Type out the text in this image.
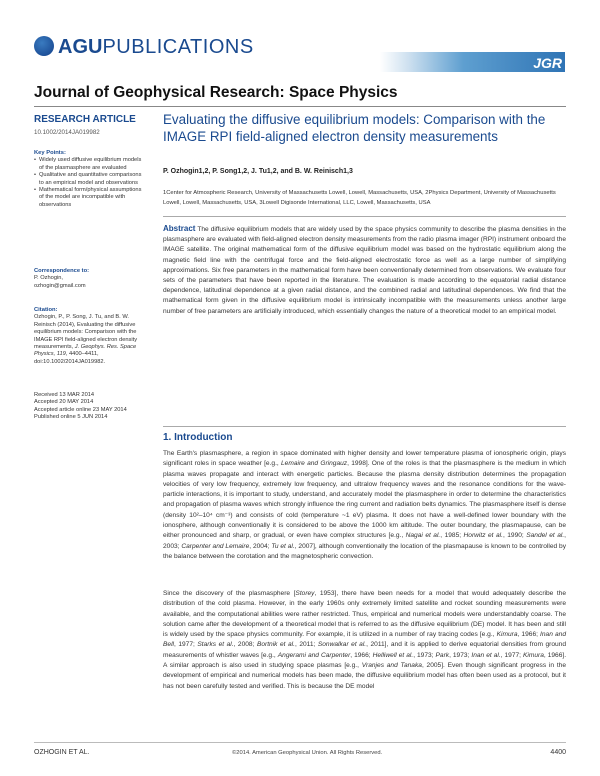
AGUPUBLICATIONS
JGR
Journal of Geophysical Research: Space Physics
RESEARCH ARTICLE
10.1002/2014JA019982
Key Points:
• Widely used diffusive equilibrium models of the plasmasphere are evaluated
• Qualitative and quantitative comparisons to an empirical model and observations
• Mathematical form/physical assumptions of the model are incompatible with observations
Correspondence to:
P. Ozhogin,
ozhogin@gmail.com
Citation:
Ozhogin, P., P. Song, J. Tu, and B. W. Reinisch (2014), Evaluating the diffusive equilibrium models: Comparison with the IMAGE RPI field-aligned electron density measurements, J. Geophys. Res. Space Physics, 119, 4400–4411, doi:10.1002/2014JA019982.
Received 13 MAR 2014
Accepted 20 MAY 2014
Accepted article online 23 MAY 2014
Published online 5 JUN 2014
Evaluating the diffusive equilibrium models: Comparison with the IMAGE RPI field-aligned electron density measurements
P. Ozhogin1,2, P. Song1,2, J. Tu1,2, and B. W. Reinisch1,3
1Center for Atmospheric Research, University of Massachusetts Lowell, Lowell, Massachusetts, USA, 2Physics Department, University of Massachusetts Lowell, Lowell, Massachusetts, USA, 3Lowell Digisonde International, LLC, Lowell, Massachusetts, USA
Abstract The diffusive equilibrium models that are widely used by the space physics community to describe the plasma densities in the plasmasphere are evaluated with field-aligned electron density measurements from the radio plasma imager (RPI) instrument onboard the IMAGE satellite. The original mathematical form of the diffusive equilibrium model was based on the hydrostatic equilibrium along the magnetic field line with the centrifugal force and the field-aligned electrostatic force as well as a large number of simplifying approximations. Six free parameters in the mathematical form have been conventionally determined from observations. We evaluate four sets of the parameters that have been reported in the literature. The evaluation is made according to the equatorial radial distance dependence, latitudinal dependence at a given radial distance, and the combined radial and latitudinal dependences. We find that the mathematical form given in the diffusive equilibrium model is intrinsically incompatible with the measurements unless another large number of free parameters are artificially introduced, which essentially changes the nature of a theoretical model to an empirical model.
1. Introduction
The Earth's plasmasphere, a region in space dominated with higher density and lower temperature plasma of ionospheric origin, plays significant roles in space weather [e.g., Lemaire and Gringauz, 1998]. One of the roles is that the plasmasphere is the medium in which plasma waves propagate and interact with energetic particles. Because the plasma density distribution determines the propagation velocities of very low frequency, extremely low frequency, and ultralow frequency waves and the resonance conditions for the wave-particle interactions, it is important to study, understand, and accurately model the plasmasphere in order to determine the characteristics and propagation of plasma waves which strongly influence the ring current and radiation belts dynamics. The plasmasphere itself is dense (density 10²–10⁴ cm⁻³) and consists of cold (temperature ~1 eV) plasma. It does not have a well-defined lower boundary with the ionosphere, although conventionally it is considered to be above the 1000 km altitude. The outer boundary, the plasmapause, can be either pronounced and sharp, or gradual, or even have complex structures [e.g., Nagai et al., 1985; Horwitz et al., 1990; Sandel et al., 2003; Carpenter and Lemaire, 2004; Tu et al., 2007], although conventionally the location of the plasmapause is known to be controlled by the balance between the corotation and the magnetospheric convection.
Since the discovery of the plasmasphere [Storey, 1953], there have been needs for a model that would adequately describe the distribution of the cold plasma. However, in the early 1960s only extremely limited satellite and rocket sounding measurements were available, and the computational abilities were rather restricted. Thus, empirical and numerical models were understandably coarse. The solution came after the development of a theoretical model that is referred to as the diffusive equilibrium (DE) model. It has been and still is widely used by the space physics community. For example, it is utilized in a number of ray tracing codes [e.g., Kimura, 1966; Inan and Bell, 1977; Starks et al., 2008; Bortnik et al., 2011; Sonwalkar et al., 2011], and it is applied to derive equatorial densities from ground measurements of whistler waves [e.g., Angerami and Carpenter, 1966; Helliwell et al., 1973; Park, 1973; Inan et al., 1977; Kimura, 1966]. A similar approach is also used in studying space plasmas [e.g., Vranjes and Tanaka, 2005]. Even though significant progress in the development of empirical and numerical models has been made, the diffusive equilibrium model has often been used as a protocol, but it has not been carefully tested and verified. This is because the DE model
OZHOGIN ET AL.	©2014. American Geophysical Union. All Rights Reserved.	4400
